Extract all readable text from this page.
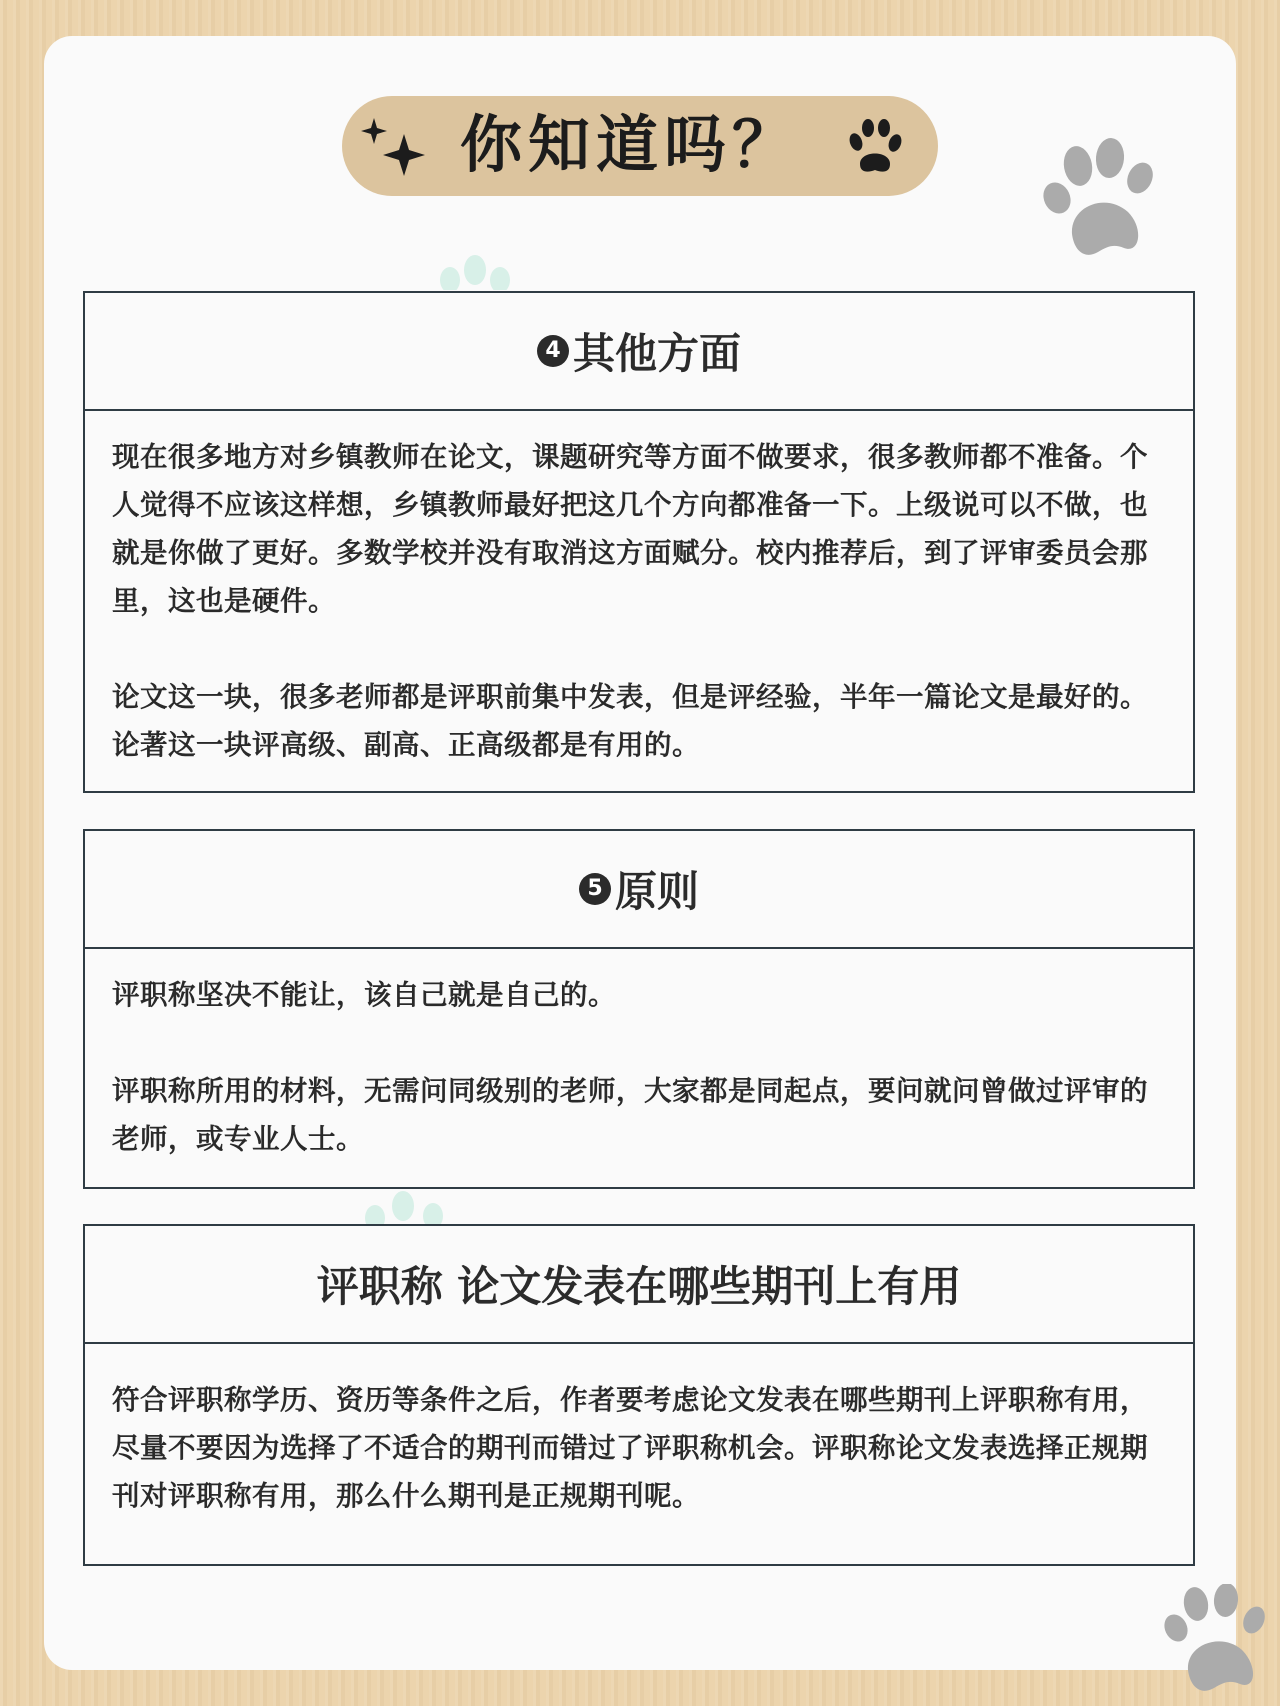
你知道吗？
4 其他方面

现在很多地方对乡镇教师在论文，课题研究等方面不做要求，很多教师都不准备。个人觉得不应该这样想，乡镇教师最好把这几个方向都准备一下。上级说可以不做，也就是你做了更好。多数学校并没有取消这方面赋分。校内推荐后，到了评审委员会那里，这也是硬件。

论文这一块，很多老师都是评职前集中发表，但是评经验，半年一篇论文是最好的。论著这一块评高级、副高、正高级都是有用的。

5 原则

评职称坚决不能让，该自己就是自己的。

评职称所用的材料，无需问同级别的老师，大家都是同起点，要问就问曾做过评审的老师，或专业人士。

评职称 论文发表在哪些期刊上有用

符合评职称学历、资历等条件之后，作者要考虑论文发表在哪些期刊上评职称有用，尽量不要因为选择了不适合的期刊而错过了评职称机会。评职称论文发表选择正规期刊对评职称有用，那么什么期刊是正规期刊呢。
